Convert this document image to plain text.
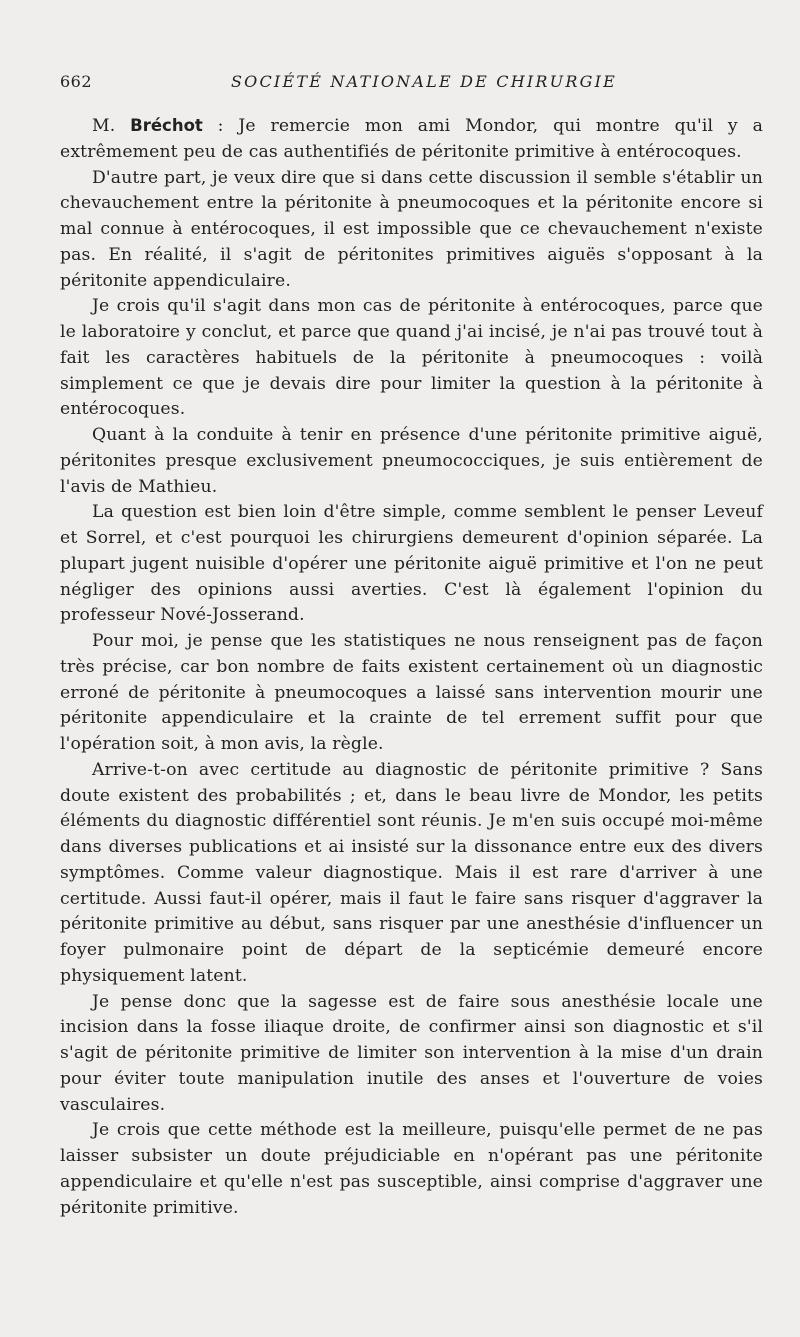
662	SOCIÉTÉ NATIONALE DE CHIRURGIE

M. Bréchot : Je remercie mon ami Mondor, qui montre qu'il y a extrêmement peu de cas authentifiés de péritonite primitive à entérocoques.

D'autre part, je veux dire que si dans cette discussion il semble s'établir un chevauchement entre la péritonite à pneumocoques et la péritonite encore si mal connue à entérocoques, il est impossible que ce chevauchement n'existe pas. En réalité, il s'agit de péritonites primitives aiguës s'opposant à la péritonite appendiculaire.

Je crois qu'il s'agit dans mon cas de péritonite à entérocoques, parce que le laboratoire y conclut, et parce que quand j'ai incisé, je n'ai pas trouvé tout à fait les caractères habituels de la péritonite à pneumocoques : voilà simplement ce que je devais dire pour limiter la question à la péritonite à entérocoques.

Quant à la conduite à tenir en présence d'une péritonite primitive aiguë, péritonites presque exclusivement pneumococciques, je suis entièrement de l'avis de Mathieu.

La question est bien loin d'être simple, comme semblent le penser Leveuf et Sorrel, et c'est pourquoi les chirurgiens demeurent d'opinion séparée. La plupart jugent nuisible d'opérer une péritonite aiguë primitive et l'on ne peut négliger des opinions aussi averties. C'est là également l'opinion du professeur Nové-Josserand.

Pour moi, je pense que les statistiques ne nous renseignent pas de façon très précise, car bon nombre de faits existent certainement où un diagnostic erroné de péritonite à pneumocoques a laissé sans intervention mourir une péritonite appendiculaire et la crainte de tel errement suffit pour que l'opération soit, à mon avis, la règle.

Arrive-t-on avec certitude au diagnostic de péritonite primitive ? Sans doute existent des probabilités ; et, dans le beau livre de Mondor, les petits éléments du diagnostic différentiel sont réunis. Je m'en suis occupé moi-même dans diverses publications et ai insisté sur la dissonance entre eux des divers symptômes. Comme valeur diagnostique. Mais il est rare d'arriver à une certitude. Aussi faut-il opérer, mais il faut le faire sans risquer d'aggraver la péritonite primitive au début, sans risquer par une anesthésie d'influencer un foyer pulmonaire point de départ de la septicémie demeuré encore physiquement latent.

Je pense donc que la sagesse est de faire sous anesthésie locale une incision dans la fosse iliaque droite, de confirmer ainsi son diagnostic et s'il s'agit de péritonite primitive de limiter son intervention à la mise d'un drain pour éviter toute manipulation inutile des anses et l'ouverture de voies vasculaires.

Je crois que cette méthode est la meilleure, puisqu'elle permet de ne pas laisser subsister un doute préjudiciable en n'opérant pas une péritonite appendiculaire et qu'elle n'est pas susceptible, ainsi comprise d'aggraver une péritonite primitive.
